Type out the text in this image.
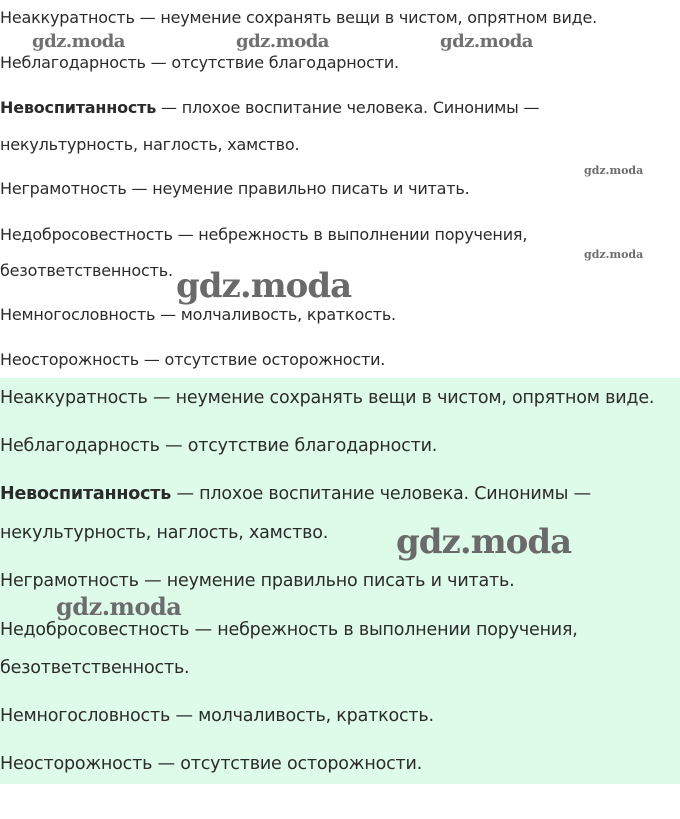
Неаккуратность — неумение сохранять вещи в чистом, опрятном виде.
Неблагодарность — отсутствие благодарности.
Невоспитанность — плохое воспитание человека. Синонимы —
некультурность, наглость, хамство.
Неграмотность — неумение правильно писать и читать.
Недобросовестность — небрежность в выполнении поручения,
безответственность.
Немногословность — молчаливость, краткость.
Неосторожность — отсутствие осторожности.
gdz.moda	gdz.moda	gdz.moda
gdz.moda
gdz.moda
gdz.moda
Неаккуратность — неумение сохранять вещи в чистом, опрятном виде.
Неблагодарность — отсутствие благодарности.
Невоспитанность — плохое воспитание человека. Синонимы —
некультурность, наглость, хамство.
Неграмотность — неумение правильно писать и читать.
Недобросовестность — небрежность в выполнении поручения,
безответственность.
Немногословность — молчаливость, краткость.
Неосторожность — отсутствие осторожности.
gdz.moda
gdz.moda
